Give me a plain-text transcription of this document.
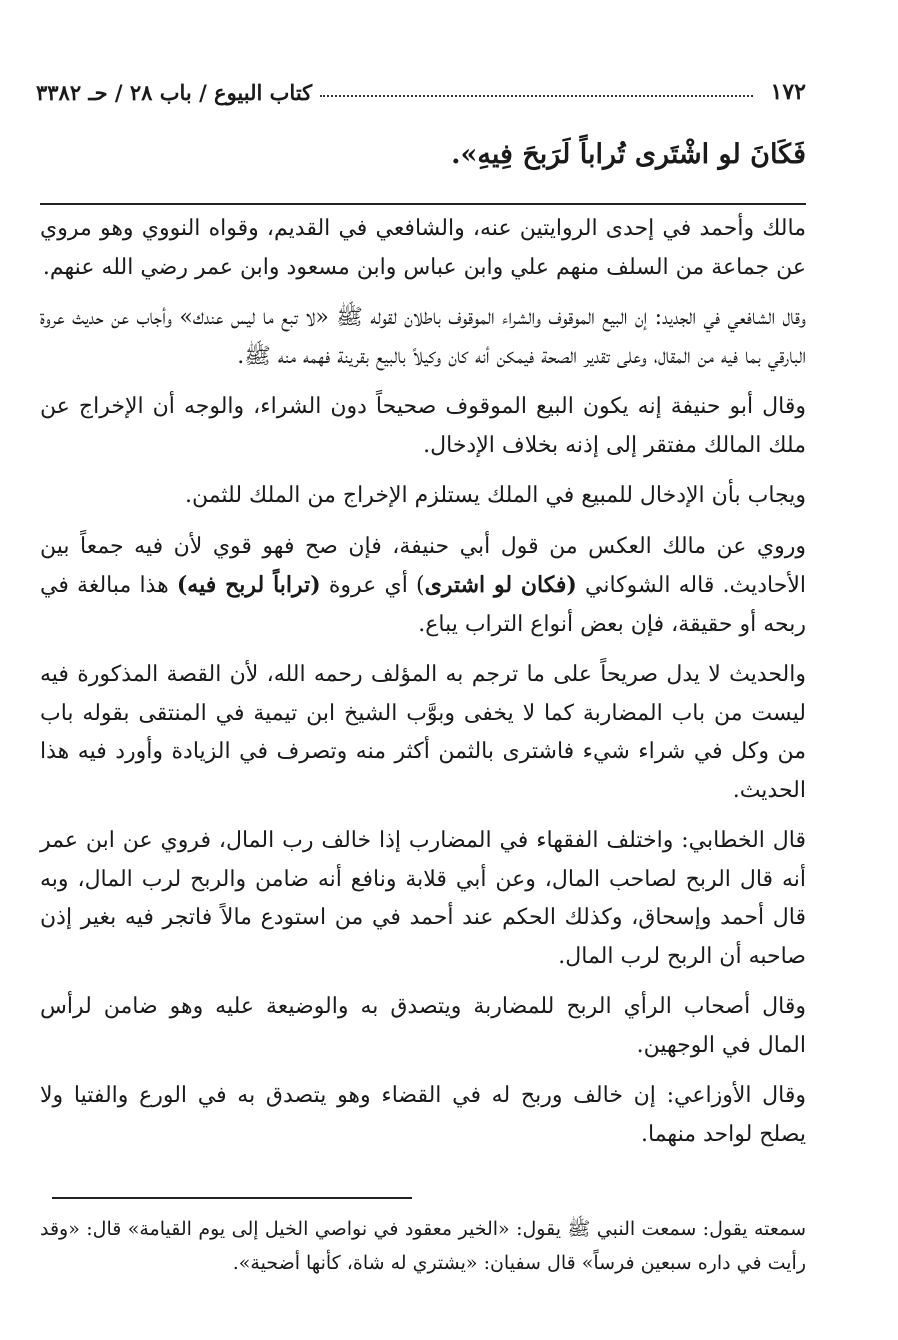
١٧٢
كتاب البيوع / باب ٢٨ / حـ ٣٣٨٢
فَكَانَ لو اشْتَرى تُراباً لَرَبحَ فِيهِ».

مالك وأحمد في إحدى الروايتين عنه، والشافعي في القديم، وقواه النووي وهو مروي عن جماعة من السلف منهم علي وابن عباس وابن مسعود وابن عمر رضي الله عنهم.

وقال الشافعي في الجديد: إن البيع الموقوف والشراء الموقوف باطلان لقوله ﷺ «لا تبع ما ليس عندك» وأجاب عن حديث عروة البارقي بما فيه من المقال، وعلى تقدير الصحة فيمكن أنه كان وكيلاً بالبيع بقرينة فهمه منه ﷺ.

وقال أبو حنيفة إنه يكون البيع الموقوف صحيحاً دون الشراء، والوجه أن الإخراج عن ملك المالك مفتقر إلى إذنه بخلاف الإدخال.

ويجاب بأن الإدخال للمبيع في الملك يستلزم الإخراج من الملك للثمن.

وروي عن مالك العكس من قول أبي حنيفة، فإن صح فهو قوي لأن فيه جمعاً بين الأحاديث. قاله الشوكاني (فكان لو اشترى) أي عروة (تراباً لربح فيه) هذا مبالغة في ربحه أو حقيقة، فإن بعض أنواع التراب يباع.

والحديث لا يدل صريحاً على ما ترجم به المؤلف رحمه الله، لأن القصة المذكورة فيه ليست من باب المضاربة كما لا يخفى وبوَّب الشيخ ابن تيمية في المنتقى بقوله باب من وكل في شراء شيء فاشترى بالثمن أكثر منه وتصرف في الزيادة وأورد فيه هذا الحديث.

قال الخطابي: واختلف الفقهاء في المضارب إذا خالف رب المال، فروي عن ابن عمر أنه قال الربح لصاحب المال، وعن أبي قلابة ونافع أنه ضامن والربح لرب المال، وبه قال أحمد وإسحاق، وكذلك الحكم عند أحمد في من استودع مالاً فاتجر فيه بغير إذن صاحبه أن الربح لرب المال.

وقال أصحاب الرأي الربح للمضاربة ويتصدق به والوضيعة عليه وهو ضامن لرأس المال في الوجهين.

وقال الأوزاعي: إن خالف وربح له في القضاء وهو يتصدق به في الورع والفتيا ولا يصلح لواحد منهما.

سمعته يقول: سمعت النبي ﷺ يقول: «الخير معقود في نواصي الخيل إلى يوم القيامة» قال: «وقد رأيت في داره سبعين فرساً» قال سفيان: «يشتري له شاة، كأنها أضحية».
